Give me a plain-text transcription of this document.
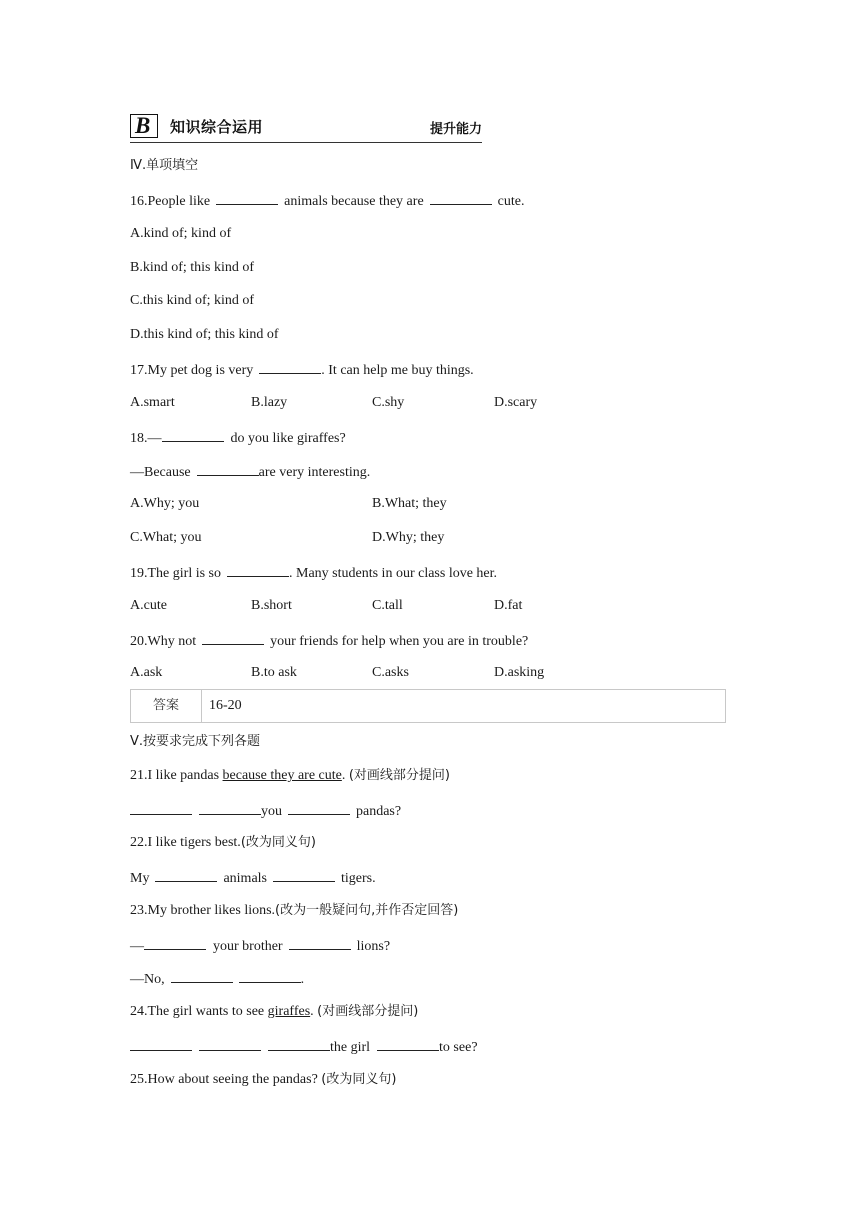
B 知识综合运用	提升能力
Ⅳ.单项填空
16.People like	animals because they are	cute.
A.kind of; kind of
B.kind of; this kind of
C.this kind of; kind of
D.this kind of; this kind of
17.My pet dog is very	. It can help me buy things.
A.smart	B.lazy	C.shy	D.scary
18.—	do you like giraffes?
—Because	are very interesting.
A.Why; you	B.What; they
C.What; you	D.Why; they
19.The girl is so	. Many students in our class love her.
A.cute	B.short	C.tall	D.fat
20.Why not	your friends for help when you are in trouble?
A.ask	B.to ask	C.asks	D.asking
答案	16-20
Ⅴ.按要求完成下列各题
21.I like pandas because they are cute. (对画线部分提问)
you	pandas?
22.I like tigers best.(改为同义句)
My	animals	tigers.
23.My brother likes lions.(改为一般疑问句,并作否定回答)
—	your brother	lions?
—No,	.
24.The girl wants to see giraffes. (对画线部分提问)
the girl	to see?
25.How about seeing the pandas? (改为同义句)
